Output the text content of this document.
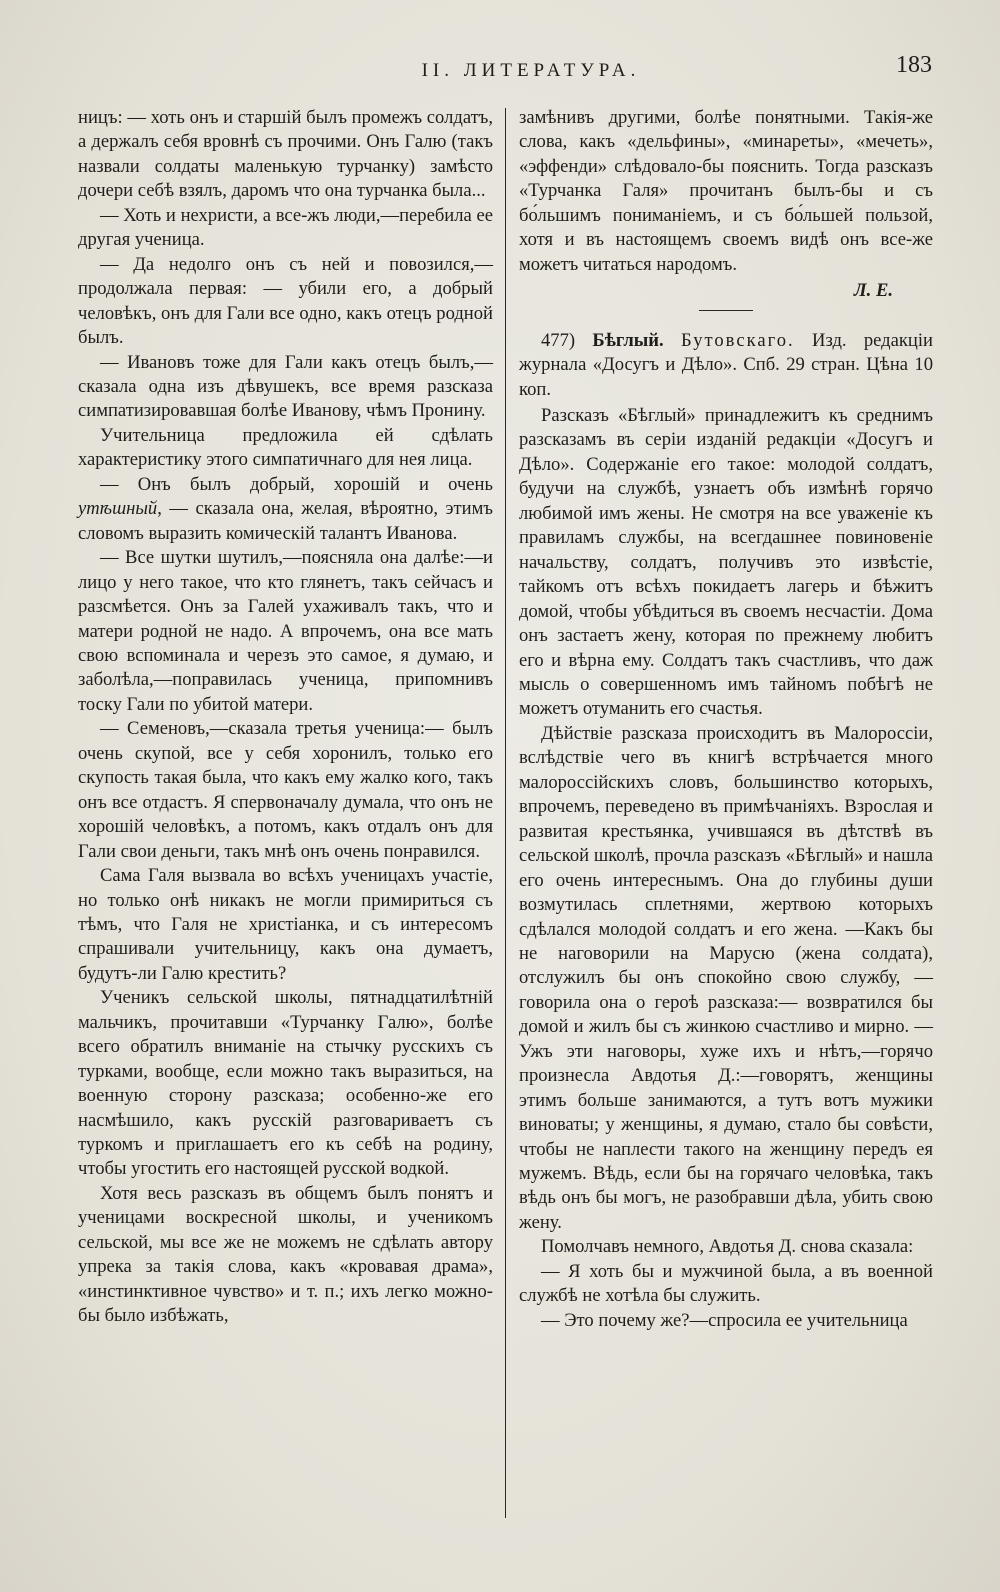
II. ЛИТЕРАТУРА.	183

ницъ: — хоть онъ и старшій былъ промежъ солдатъ, а держалъ себя вровнѣ съ прочими. Онъ Галю (такъ назвали солдаты маленькую турчанку) замѣсто дочери себѣ взялъ, даромъ что она турчанка была...

— Хоть и нехристи, а все-жъ люди,—перебила ее другая ученица.

— Да недолго онъ съ ней и повозился,— продолжала первая: — убили его, а добрый человѣкъ, онъ для Гали все одно, какъ отецъ родной былъ.

— Ивановъ тоже для Гали какъ отецъ былъ,—сказала одна изъ дѣвушекъ, все время разсказа симпатизировавшая болѣе Иванову, чѣмъ Пронину.

Учительница предложила ей сдѣлать характеристику этого симпатичнаго для нея лица.

— Онъ былъ добрый, хорошій и очень утѣшный, — сказала она, желая, вѣроятно, этимъ словомъ выразить комическій талантъ Иванова.

— Все шутки шутилъ,—поясняла она далѣе:—и лицо у него такое, что кто глянетъ, такъ сейчасъ и разсмѣется. Онъ за Галей ухаживалъ такъ, что и матери родной не надо. А впрочемъ, она все мать свою вспоминала и черезъ это самое, я думаю, и заболѣла,—поправилась ученица, припомнивъ тоску Гали по убитой матери.

— Семеновъ,—сказала третья ученица:— былъ очень скупой, все у себя хоронилъ, только его скупость такая была, что какъ ему жалко кого, такъ онъ все отдастъ. Я спервоначалу думала, что онъ не хорошій человѣкъ, а потомъ, какъ отдалъ онъ для Гали свои деньги, такъ мнѣ онъ очень понравился.

Сама Галя вызвала во всѣхъ ученицахъ участіе, но только онѣ никакъ не могли примириться съ тѣмъ, что Галя не христіанка, и съ интересомъ спрашивали учительницу, какъ она думаетъ, будутъ-ли Галю крестить?

Ученикъ сельской школы, пятнадцатилѣтній мальчикъ, прочитавши «Турчанку Галю», болѣе всего обратилъ вниманіе на стычку русскихъ съ турками, вообще, если можно такъ выразиться, на военную сторону разсказа; особенно-же его насмѣшило, какъ русскій разговариваетъ съ туркомъ и приглашаетъ его къ себѣ на родину, чтобы угостить его настоящей русской водкой.

Хотя весь разсказъ въ общемъ былъ понятъ и ученицами воскресной школы, и ученикомъ сельской, мы все же не можемъ не сдѣлать автору упрека за такія слова, какъ «кровавая драма», «инстинктивное чувство» и т. п.; ихъ легко можно-бы было избѣжать,

замѣнивъ другими, болѣе понятными. Такія-же слова, какъ «дельфины», «минареты», «мечеть», «эффенди» слѣдовало-бы пояснить. Тогда разсказъ «Турчанка Галя» прочитанъ былъ-бы и съ бо́льшимъ пониманіемъ, и съ бо́льшей пользой, хотя и въ настоящемъ своемъ видѣ онъ все-же можетъ читаться народомъ.

Л. Е.

477) Бѣглый. Бутовскаго. Изд. редакціи журнала «Досугъ и Дѣло». Спб. 29 стран. Цѣна 10 коп.

Разсказъ «Бѣглый» принадлежитъ къ среднимъ разсказамъ въ серіи изданій редакціи «Досугъ и Дѣло». Содержаніе его такое: молодой солдатъ, будучи на службѣ, узнаетъ объ измѣнѣ горячо любимой имъ жены. Не смотря на все уваженіе къ правиламъ службы, на всегдашнее повиновеніе начальству, солдатъ, получивъ это извѣстіе, тайкомъ отъ всѣхъ покидаетъ лагерь и бѣжитъ домой, чтобы убѣдиться въ своемъ несчастіи. Дома онъ застаетъ жену, которая по прежнему любитъ его и вѣрна ему. Солдатъ такъ счастливъ, что даж мысль о совершенномъ имъ тайномъ побѣгѣ не можетъ отуманить его счастья.

Дѣйствіе разсказа происходитъ въ Малороссіи, вслѣдствіе чего въ книгѣ встрѣчается много малороссійскихъ словъ, большинство которыхъ, впрочемъ, переведено въ примѣчаніяхъ. Взрослая и развитая крестьянка, учившаяся въ дѣтствѣ въ сельской школѣ, прочла разсказъ «Бѣглый» и нашла его очень интереснымъ. Она до глубины души возмутилась сплетнями, жертвою которыхъ сдѣлался молодой солдатъ и его жена. —Какъ бы не наговорили на Марусю (жена солдата), отслужилъ бы онъ спокойно свою службу, — говорила она о героѣ разсказа:— возвратился бы домой и жилъ бы съ жинкою счастливо и мирно. — Ужъ эти наговоры, хуже ихъ и нѣтъ,—горячо произнесла Авдотья Д.:—говорятъ, женщины этимъ больше занимаются, а тутъ вотъ мужики виноваты; у женщины, я думаю, стало бы совѣсти, чтобы не наплести такого на женщину передъ ея мужемъ. Вѣдь, если бы на горячаго человѣка, такъ вѣдь онъ бы могъ, не разобравши дѣла, убить свою жену.

Помолчавъ немного, Авдотья Д. снова сказала:

— Я хоть бы и мужчиной была, а въ военной службѣ не хотѣла бы служить.

— Это почему же?—спросила ее учительница
